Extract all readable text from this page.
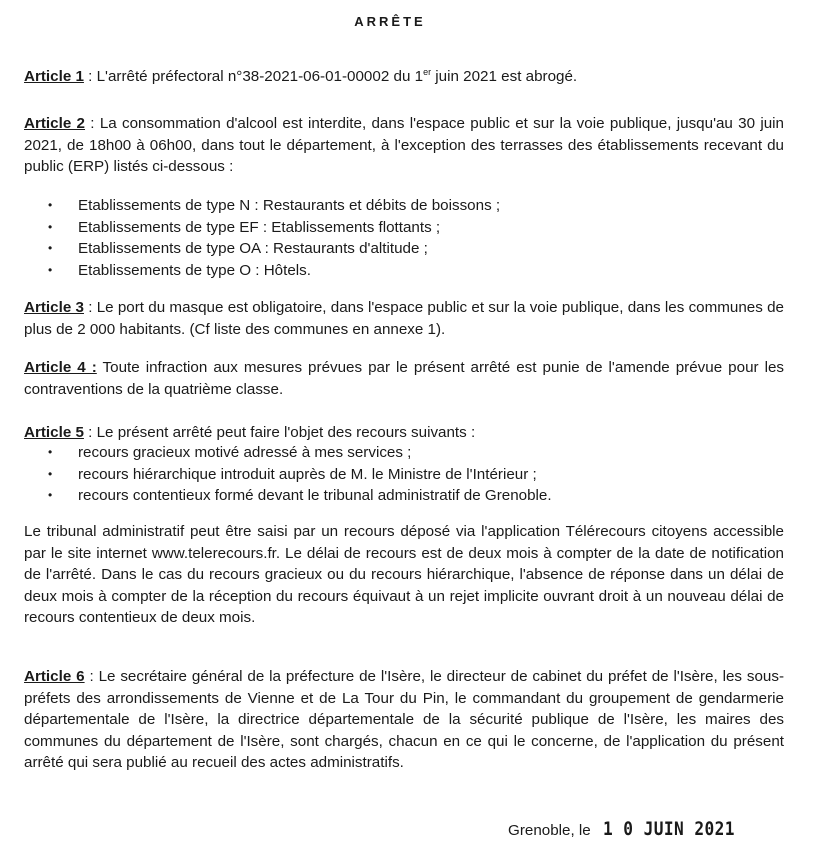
ARRÊTE
Article 1 : L'arrêté préfectoral n°38-2021-06-01-00002 du 1er juin 2021 est abrogé.
Article 2 : La consommation d'alcool est interdite, dans l'espace public et sur la voie publique, jusqu'au 30 juin 2021, de 18h00 à 06h00, dans tout le département, à l'exception des terrasses des établissements recevant du public (ERP) listés ci-dessous :
• Etablissements de type N : Restaurants et débits de boissons ;
• Etablissements de type EF : Etablissements flottants ;
• Etablissements de type OA : Restaurants d'altitude ;
• Etablissements de type O : Hôtels.
Article 3 : Le port du masque est obligatoire, dans l'espace public et sur la voie publique, dans les communes de plus de 2 000 habitants. (Cf liste des communes en annexe 1).
Article 4 : Toute infraction aux mesures prévues par le présent arrêté est punie de l'amende prévue pour les contraventions de la quatrième classe.
Article 5 : Le présent arrêté peut faire l'objet des recours suivants :
• recours gracieux motivé adressé à mes services ;
• recours hiérarchique introduit auprès de M. le Ministre de l'Intérieur ;
• recours contentieux formé devant le tribunal administratif de Grenoble.
Le tribunal administratif peut être saisi par un recours déposé via l'application Télérecours citoyens accessible par le site internet www.telerecours.fr. Le délai de recours est de deux mois à compter de la date de notification de l'arrêté. Dans le cas du recours gracieux ou du recours hiérarchique, l'absence de réponse dans un délai de deux mois à compter de la réception du recours équivaut à un rejet implicite ouvrant droit à un nouveau délai de recours contentieux de deux mois.
Article 6 : Le secrétaire général de la préfecture de l'Isère, le directeur de cabinet du préfet de l'Isère, les sous-préfets des arrondissements de Vienne et de La Tour du Pin, le commandant du groupement de gendarmerie départementale de l'Isère, la directrice départementale de la sécurité publique de l'Isère, les maires des communes du département de l'Isère, sont chargés, chacun en ce qui le concerne, de l'application du présent arrêté qui sera publié au recueil des actes administratifs.
Grenoble, le 1 0 JUIN 2021
